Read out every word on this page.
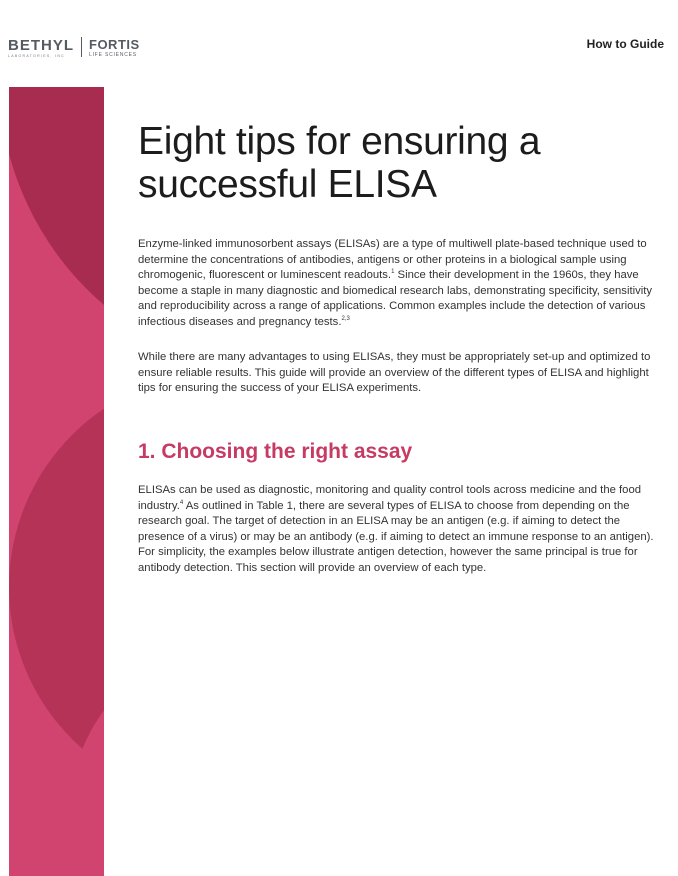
BETHYL
LABORATORIES, INC
FORTIS
LIFE SCIENCES
How to Guide
Eight tips for ensuring a successful ELISA

Enzyme-linked immunosorbent assays (ELISAs) are a type of multiwell plate-based technique used to determine the concentrations of antibodies, antigens or other proteins in a biological sample using chromogenic, fluorescent or luminescent readouts.$^1$ Since their development in the 1960s, they have become a staple in many diagnostic and biomedical research labs, demonstrating specificity, sensitivity and reproducibility across a range of applications. Common examples include the detection of various infectious diseases and pregnancy tests.$^{2,3}$

While there are many advantages to using ELISAs, they must be appropriately set-up and optimized to ensure reliable results. This guide will provide an overview of the different types of ELISA and highlight tips for ensuring the success of your ELISA experiments.

1. Choosing the right assay

ELISAs can be used as diagnostic, monitoring and quality control tools across medicine and the food industry.$^4$ As outlined in Table 1, there are several types of ELISA to choose from depending on the research goal. The target of detection in an ELISA may be an antigen (e.g. if aiming to detect the presence of a virus) or may be an antibody (e.g. if aiming to detect an immune response to an antigen). For simplicity, the examples below illustrate antigen detection, however the same principal is true for antibody detection. This section will provide an overview of each type.
